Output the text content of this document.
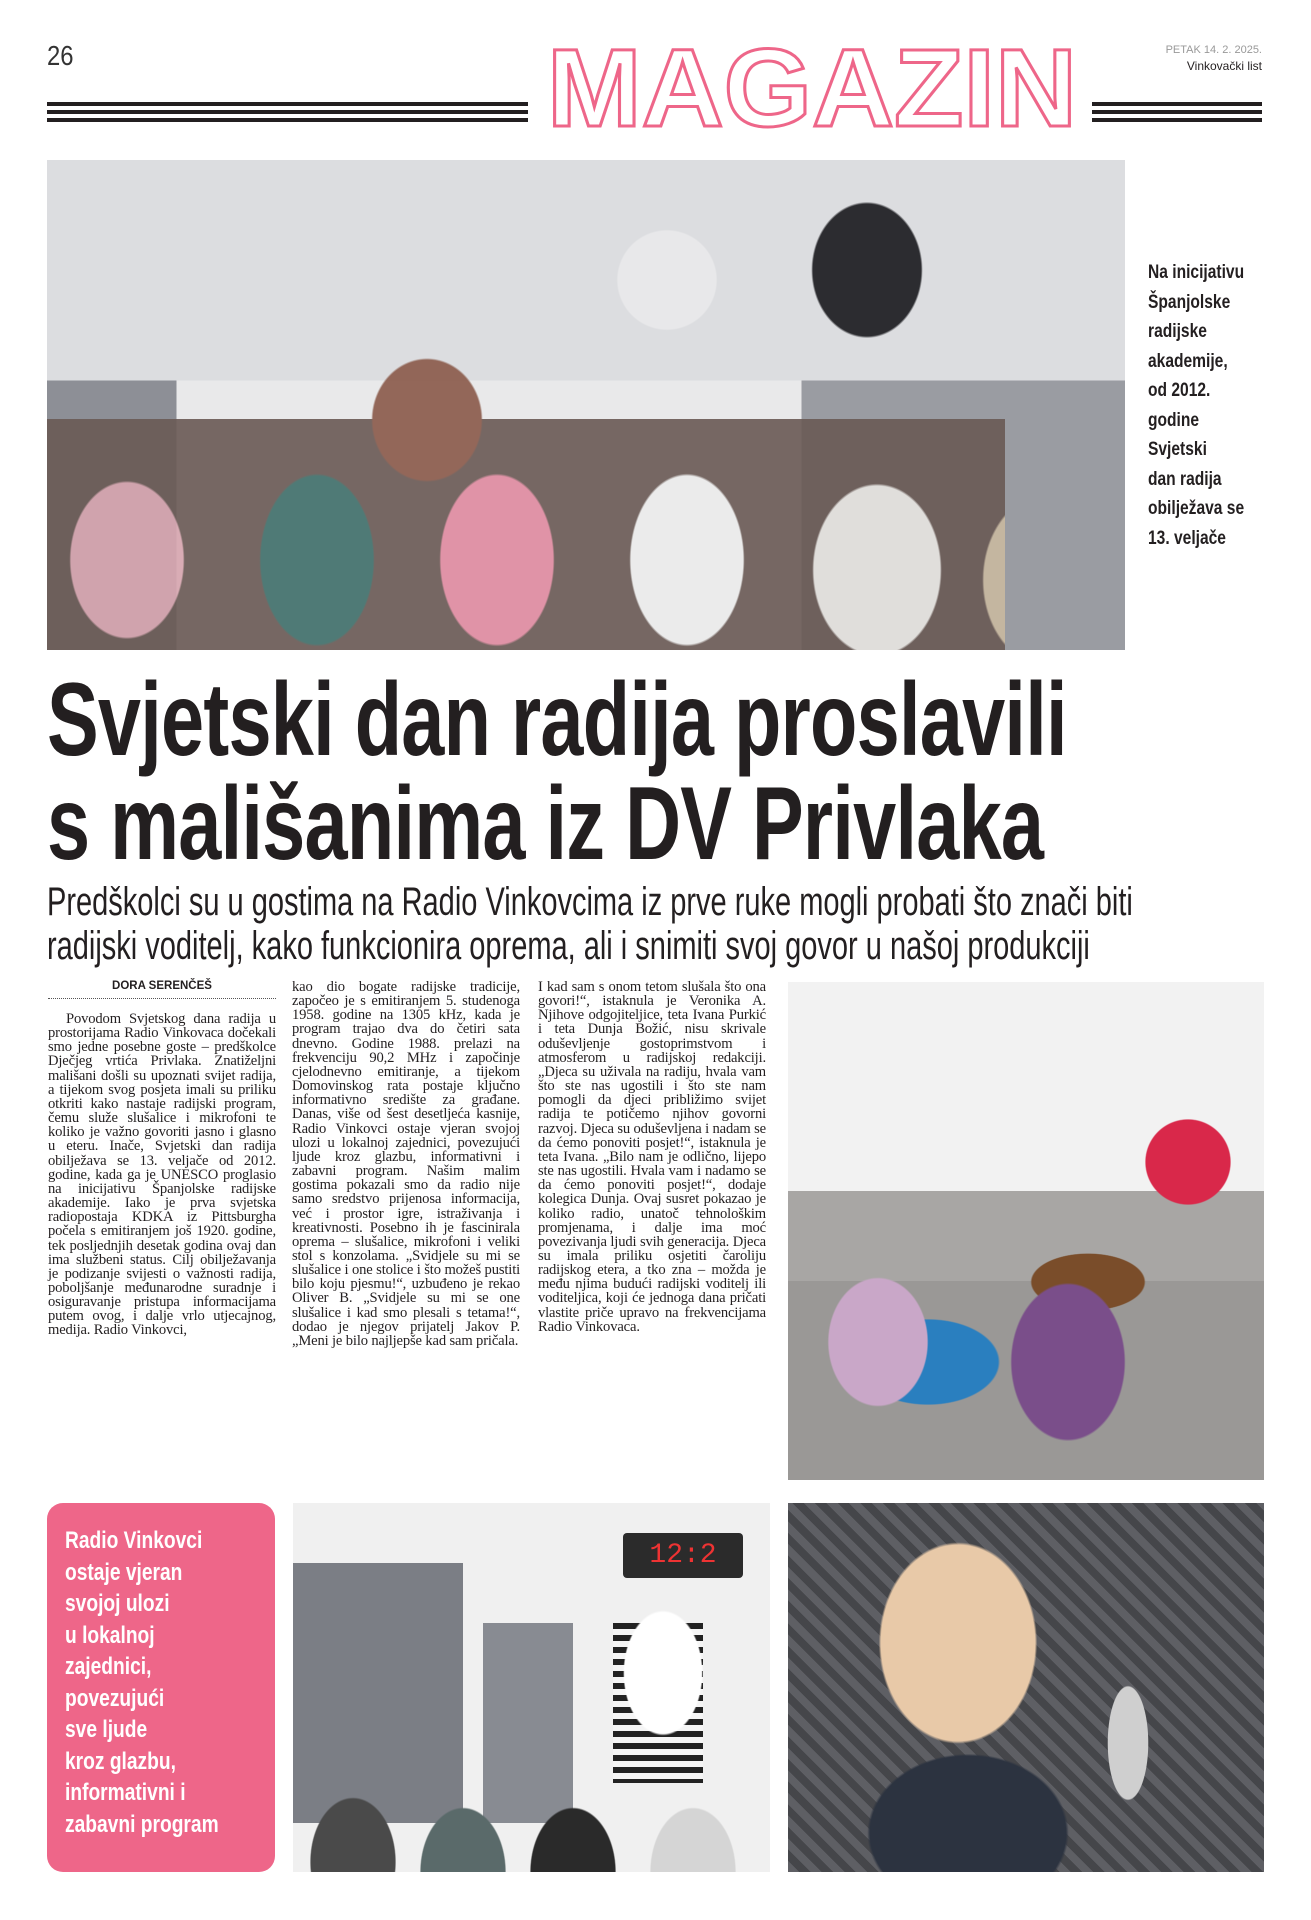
26	MAGAZIN	PETAK 14. 2. 2025.
Vinkovački list
Na inicijativu
Španjolske
radijske
akademije,
od 2012.
godine
Svjetski
dan radija
obilježava se
13. veljače
Svjetski dan radija proslavili
s mališanima iz DV Privlaka
Predškolci su u gostima na Radio Vinkovcima iz prve ruke mogli probati što znači biti
radijski voditelj, kako funkcionira oprema, ali i snimiti svoj govor u našoj produkciji
DORA SERENČEŠ
Povodom Svjetskog dana radija u prostorijama Radio Vinkovaca dočekali smo jedne posebne goste – predškolce Dječjeg vrtića Privlaka. Znatiželjni mališani došli su upoznati svijet radija, a tijekom svog posjeta imali su priliku otkriti kako nastaje radijski program, čemu služe slušalice i mikrofoni te koliko je važno govoriti jasno i glasno u eteru. Inače, Svjetski dan radija obilježava se 13. veljače od 2012. godine, kada ga je UNESCO proglasio na inicijativu Španjolske radijske akademije. Iako je prva svjetska radiopostaja KDKA iz Pittsburgha počela s emitiranjem još 1920. godine, tek posljednjih desetak godina ovaj dan ima službeni status. Cilj obilježavanja je podizanje svijesti o važnosti radija, poboljšanje međunarodne suradnje i osiguravanje pristupa informacijama putem ovog, i dalje vrlo utjecajnog, medija. Radio Vinkovci,
kao dio bogate radijske tradicije, započeo je s emitiranjem 5. studenoga 1958. godine na 1305 kHz, kada je program trajao dva do četiri sata dnevno. Godine 1988. prelazi na frekvenciju 90,2 MHz i započinje cjelodnevno emitiranje, a tijekom Domovinskog rata postaje ključno informativno središte za građane. Danas, više od šest desetljeća kasnije, Radio Vinkovci ostaje vjeran svojoj ulozi u lokalnoj zajednici, povezujući ljude kroz glazbu, informativni i zabavni program. Našim malim gostima pokazali smo da radio nije samo sredstvo prijenosa informacija, već i prostor igre, istraživanja i kreativnosti. Posebno ih je fascinirala oprema – slušalice, mikrofoni i veliki stol s konzolama. „Svidjele su mi se slušalice i one stolice i što možeš pustiti bilo koju pjesmu!“, uzbuđeno je rekao Oliver B. „Svidjele su mi se one slušalice i kad smo plesali s tetama!“, dodao je njegov prijatelj Jakov P. „Meni je bilo najljepše kad sam pričala.
I kad sam s onom tetom slušala što ona govori!“, istaknula je Veronika A. Njihove odgojiteljice, teta Ivana Purkić i teta Dunja Božić, nisu skrivale oduševljenje gostoprimstvom i atmosferom u radijskoj redakciji. „Djeca su uživala na radiju, hvala vam što ste nas ugostili i što ste nam pomogli da djeci približimo svijet radija te potičemo njihov govorni razvoj. Djeca su oduševljena i nadam se da ćemo ponoviti posjet!“, istaknula je teta Ivana. „Bilo nam je odlično, lijepo ste nas ugostili. Hvala vam i nadamo se da ćemo ponoviti posjet!“, dodaje kolegica Dunja. Ovaj susret pokazao je koliko radio, unatoč tehnološkim promjenama, i dalje ima moć povezivanja ljudi svih generacija. Djeca su imala priliku osjetiti čaroliju radijskog etera, a tko zna – možda je među njima budući radijski voditelj ili voditeljica, koji će jednoga dana pričati vlastite priče upravo na frekvencijama Radio Vinkovaca.
Radio Vinkovci
ostaje vjeran
svojoj ulozi
u lokalnoj
zajednici,
povezujući
sve ljude
kroz glazbu,
informativni i
zabavni program
12:2
